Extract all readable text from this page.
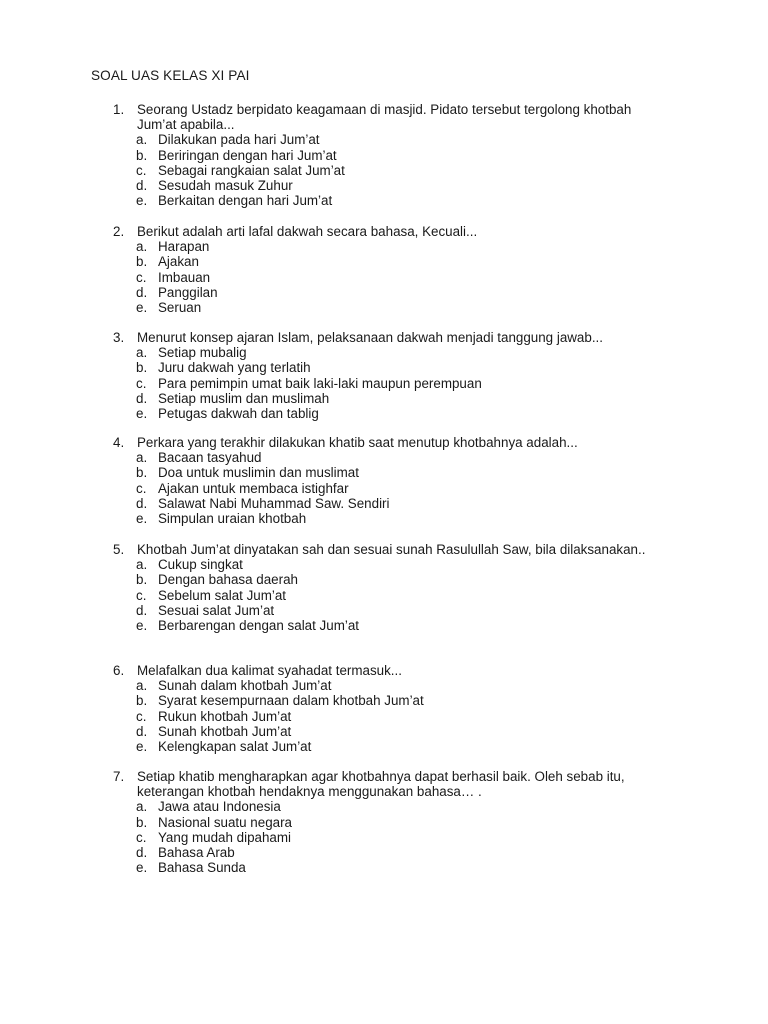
SOAL UAS KELAS XI PAI
1. Seorang Ustadz berpidato keagamaan di masjid. Pidato tersebut tergolong khotbah Jum’at apabila...
a. Dilakukan pada hari Jum’at
b. Beriringan dengan hari Jum’at
c. Sebagai rangkaian salat Jum’at
d. Sesudah masuk Zuhur
e. Berkaitan dengan hari Jum’at
2. Berikut adalah arti lafal dakwah secara bahasa, Kecuali...
a. Harapan
b. Ajakan
c. Imbauan
d. Panggilan
e. Seruan
3. Menurut konsep ajaran Islam, pelaksanaan dakwah menjadi tanggung jawab...
a. Setiap mubalig
b. Juru dakwah yang terlatih
c. Para pemimpin umat baik laki-laki maupun perempuan
d. Setiap muslim dan muslimah
e. Petugas dakwah dan tablig
4. Perkara yang terakhir dilakukan khatib saat menutup khotbahnya adalah...
a. Bacaan tasyahud
b. Doa untuk muslimin dan muslimat
c. Ajakan untuk membaca istighfar
d. Salawat Nabi Muhammad Saw. Sendiri
e. Simpulan uraian khotbah
5. Khotbah Jum’at dinyatakan sah dan sesuai sunah Rasulullah Saw, bila dilaksanakan..
a. Cukup singkat
b. Dengan bahasa daerah
c. Sebelum salat Jum’at
d. Sesuai salat Jum’at
e. Berbarengan dengan salat Jum’at
6. Melafalkan dua kalimat syahadat termasuk...
a. Sunah dalam khotbah Jum’at
b. Syarat kesempurnaan dalam khotbah Jum’at
c. Rukun khotbah Jum’at
d. Sunah khotbah Jum’at
e. Kelengkapan salat Jum’at
7. Setiap khatib mengharapkan agar khotbahnya dapat berhasil baik. Oleh sebab itu, keterangan khotbah hendaknya menggunakan bahasa… .
a. Jawa atau Indonesia
b. Nasional suatu negara
c. Yang mudah dipahami
d. Bahasa Arab
e. Bahasa Sunda
